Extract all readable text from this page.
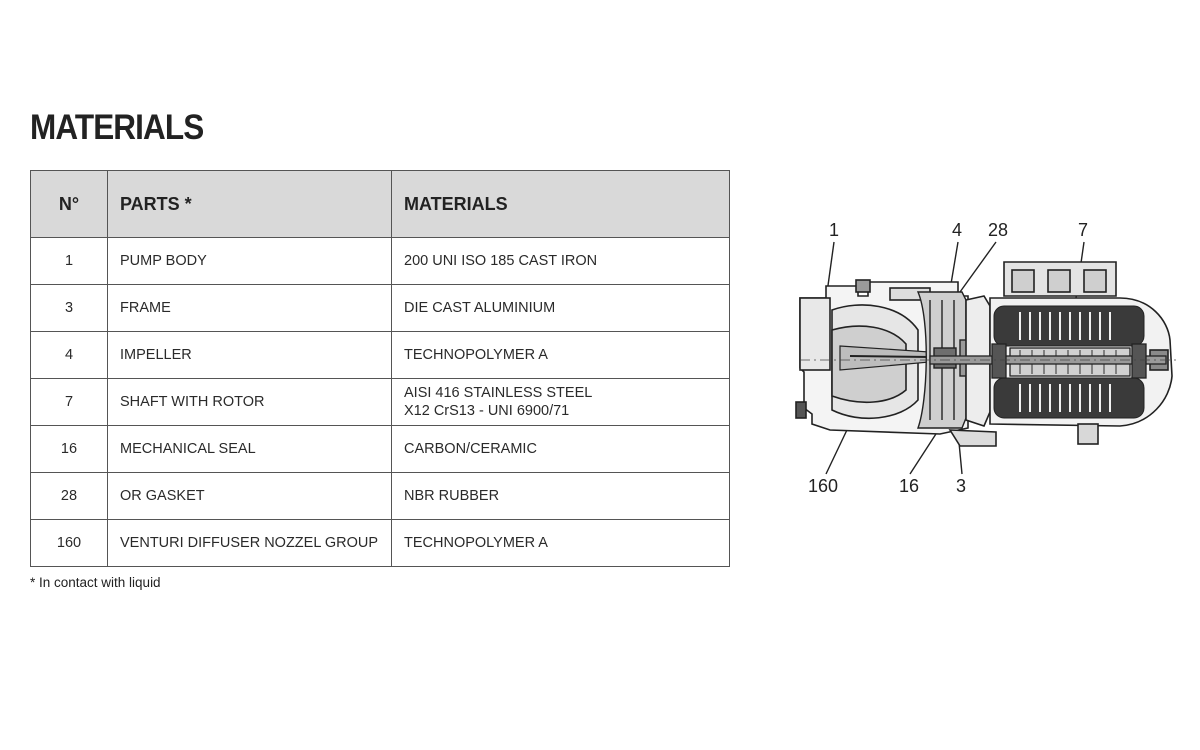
MATERIALS
N°	PARTS *	MATERIALS
1	PUMP BODY	200 UNI ISO 185 CAST IRON

3	FRAME	DIE CAST ALUMINIUM

4	IMPELLER	TECHNOPOLYMER A

7	SHAFT WITH ROTOR	AISI 416 STAINLESS STEEL
X12 CrS13 - UNI 6900/71

16	MECHANICAL SEAL	CARBON/CERAMIC

28	OR GASKET	NBR RUBBER

160	VENTURI DIFFUSER NOZZEL GROUP	TECHNOPOLYMER A
* In contact with liquid
1	4 28	7
160	16 3
